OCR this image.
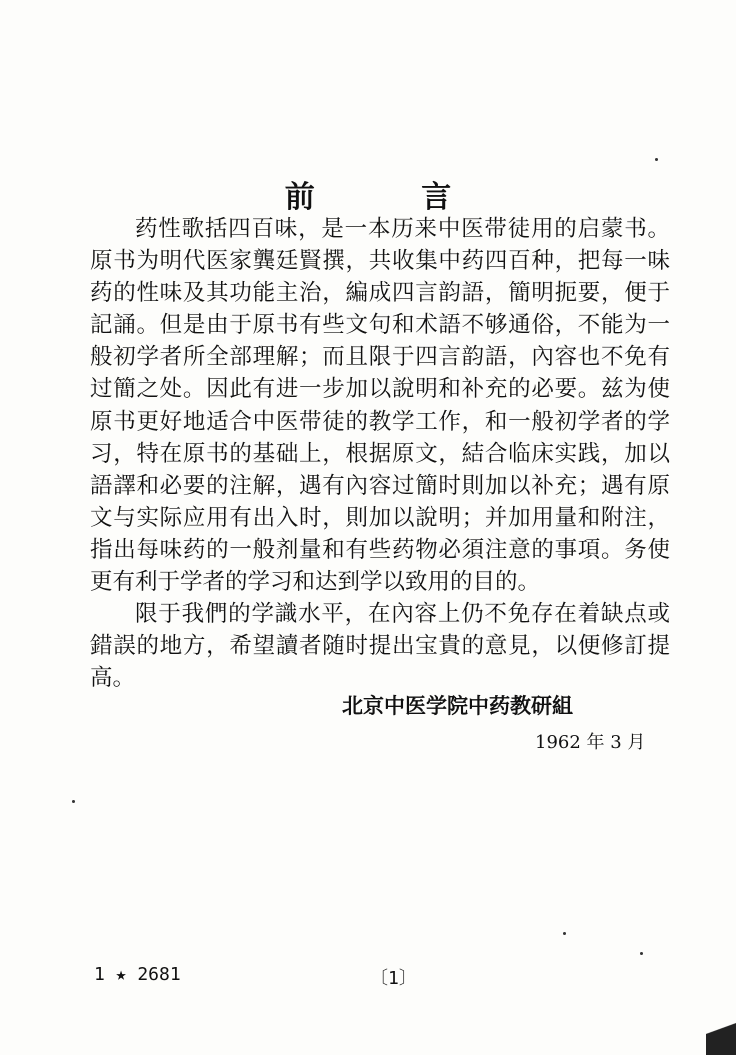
前 言

药性歌括四百味，是一本历来中医带徒用的启蒙书。原书为明代医家龔廷賢撰，共收集中药四百种，把每一味药的性味及其功能主治，編成四言韵語，簡明扼要，便于記誦。但是由于原书有些文句和术語不够通俗，不能为一般初学者所全部理解；而且限于四言韵語，內容也不免有过簡之处。因此有进一步加以說明和补充的必要。兹为使原书更好地适合中医带徒的教学工作，和一般初学者的学习，特在原书的基础上，根据原文，結合临床实践，加以語譯和必要的注解，遇有內容过簡时則加以补充；遇有原文与实际应用有出入时，則加以說明；并加用量和附注，指出每味药的一般剂量和有些药物必須注意的事項。务使更有利于学者的学习和达到学以致用的目的。

限于我們的学識水平，在內容上仍不免存在着缺点或錯誤的地方，希望讀者随时提出宝貴的意見，以便修訂提高。

北京中医学院中药教研組
1962 年 3 月
1 ★ 2681	〔1〕
